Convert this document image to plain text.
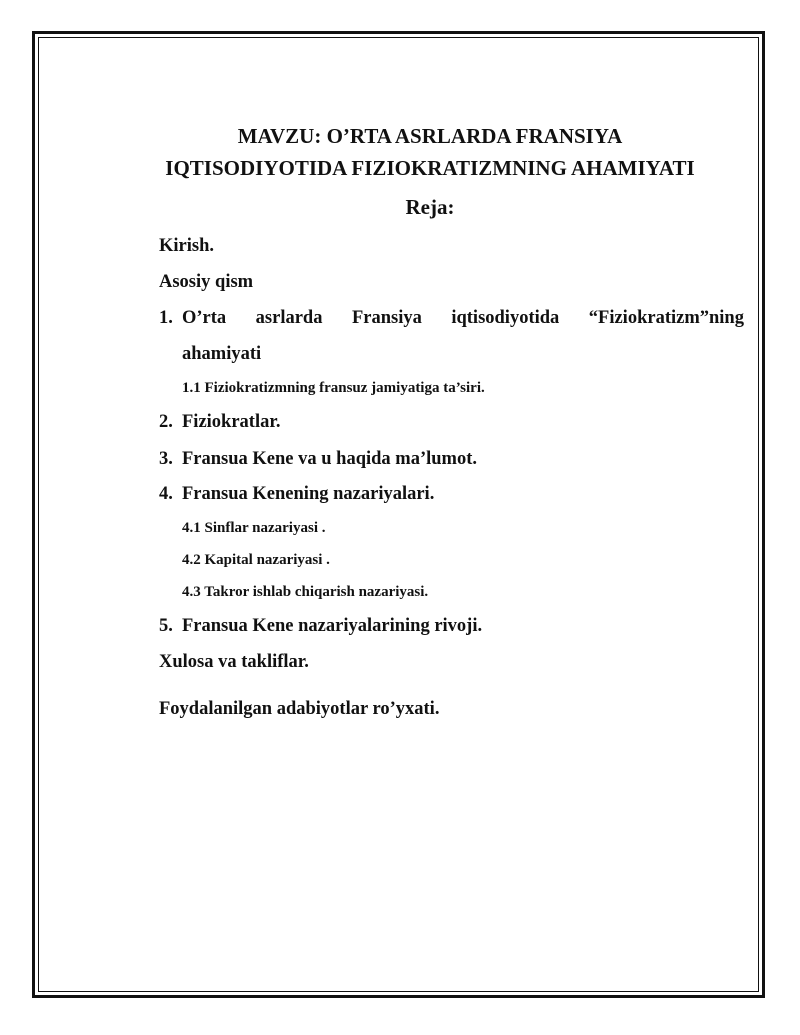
MAVZU: O’RTA ASRLARDA FRANSIYA
IQTISODIYOTIDA FIZIOKRATIZMNING AHAMIYATI
Reja:
Kirish.
Asosiy qism
1. O’rta asrlarda Fransiya iqtisodiyotida “Fiziokratizm”ning
ahamiyati
1.1 Fiziokratizmning fransuz jamiyatiga ta’siri.
2. Fiziokratlar.
3. Fransua Kene va u haqida ma’lumot.
4. Fransua Kenening nazariyalari.
4.1 Sinflar nazariyasi .
4.2 Kapital nazariyasi .
4.3 Takror ishlab chiqarish nazariyasi.
5. Fransua Kene nazariyalarining rivoji.
Xulosa va takliflar.
Foydalanilgan adabiyotlar ro’yxati.
